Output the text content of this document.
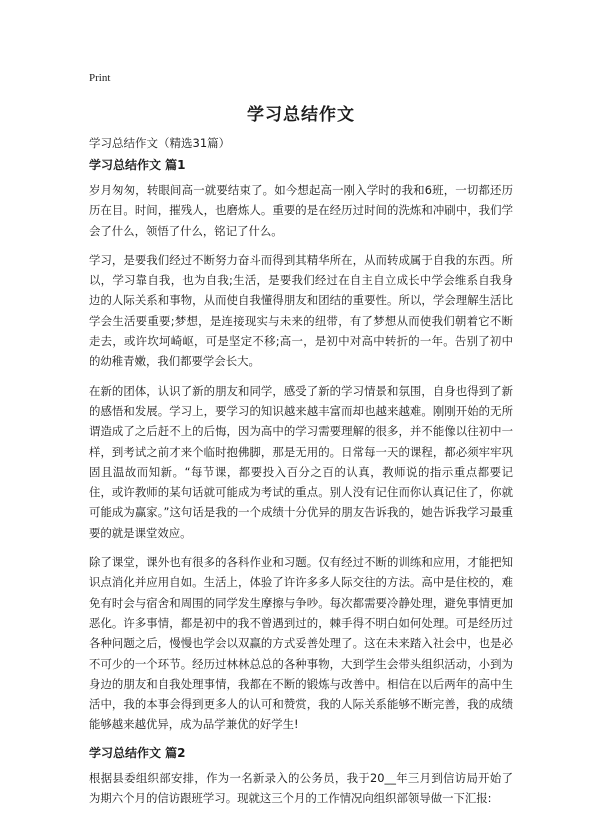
Print
学习总结作文

学习总结作文（精选31篇）

学习总结作文 篇1

岁月匆匆，转眼间高一就要结束了。如今想起高一刚入学时的我和6班，一切都还历历在目。时间，摧残人，也磨炼人。重要的是在经历过时间的洗炼和冲刷中，我们学会了什么，领悟了什么，铭记了什么。

学习，是要我们经过不断努力奋斗而得到其精华所在，从而转成属于自我的东西。所以，学习靠自我，也为自我;生活，是要我们经过在自主自立成长中学会维系自我身边的人际关系和事物，从而使自我懂得朋友和团结的重要性。所以，学会理解生活比学会生活要重要;梦想，是连接现实与未来的纽带，有了梦想从而使我们朝着它不断走去，或许坎坷崎岖，可是坚定不移;高一，是初中对高中转折的一年。告别了初中的幼稚青嫩，我们都要学会长大。

在新的团体，认识了新的朋友和同学，感受了新的学习情景和氛围，自身也得到了新的感悟和发展。学习上，要学习的知识越来越丰富而却也越来越难。刚刚开始的无所谓造成了之后赶不上的后悔，因为高中的学习需要理解的很多，并不能像以往初中一样，到考试之前才来个临时抱佛脚，那是无用的。日常每一天的课程，都必须牢牢巩固且温故而知新。“每节课，都要投入百分之百的认真，教师说的指示重点都要记住，或许教师的某句话就可能成为考试的重点。别人没有记住而你认真记住了，你就可能成为赢家。”这句话是我的一个成绩十分优异的朋友告诉我的，她告诉我学习最重要的就是课堂效应。

除了课堂，课外也有很多的各科作业和习题。仅有经过不断的训练和应用，才能把知识点消化并应用自如。生活上，体验了许许多多人际交往的方法。高中是住校的，难免有时会与宿舍和周围的同学发生摩擦与争吵。每次都需要冷静处理，避免事情更加恶化。许多事情，都是初中的我不曾遇到过的，棘手得不明白如何处理。可是经历过各种问题之后，慢慢也学会以双赢的方式妥善处理了。这在未来踏入社会中，也是必不可少的一个环节。经历过林林总总的各种事物，大到学生会带头组织活动，小到为身边的朋友和自我处理事情，我都在不断的锻炼与改善中。相信在以后两年的高中生活中，我的本事会得到更多人的认可和赞赏，我的人际关系能够不断完善，我的成绩能够越来越优异，成为品学兼优的好学生!

学习总结作文 篇2

根据县委组织部安排，作为一名新录入的公务员，我于20__年三月到信访局开始了为期六个月的信访跟班学习。现就这三个月的工作情况向组织部领导做一下汇报:
